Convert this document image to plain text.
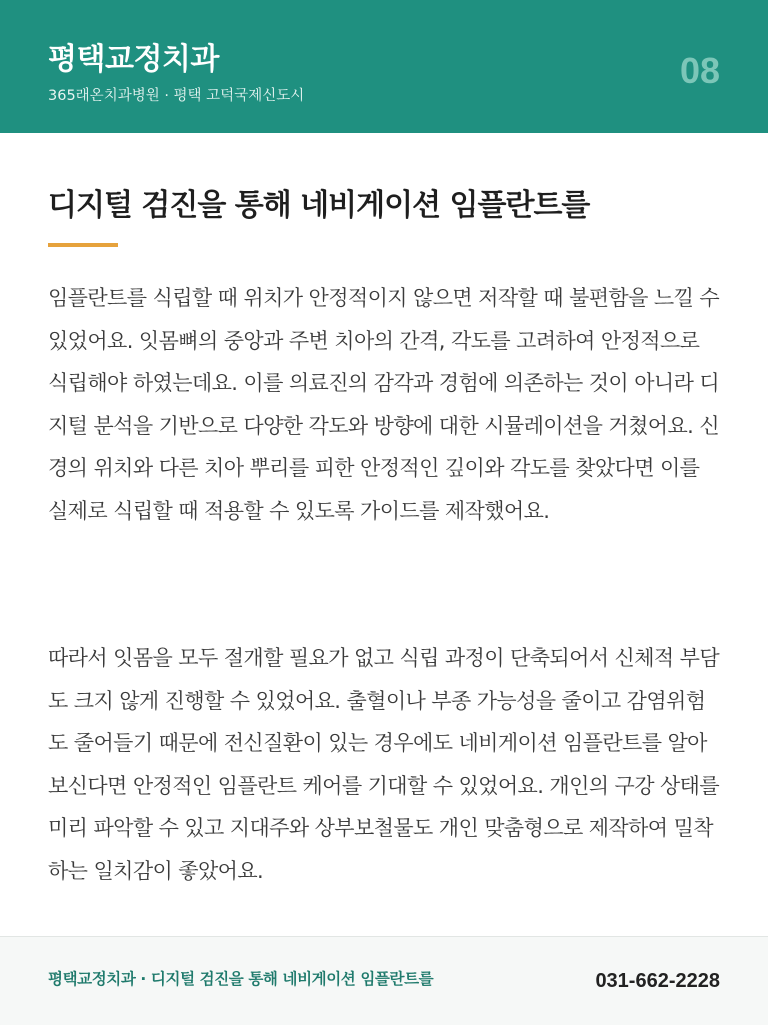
평택교정치과
365래온치과병원 · 평택 고덕국제신도시
08
디지털 검진을 통해 네비게이션 임플란트를

임플란트를 식립할 때 위치가 안정적이지 않으면 저작할 때 불편함을 느낄 수 있었어요. 잇몸뼈의 중앙과 주변 치아의 간격, 각도를 고려하여 안정적으로 식립해야 하였는데요. 이를 의료진의 감각과 경험에 의존하는 것이 아니라 디지털 분석을 기반으로 다양한 각도와 방향에 대한 시뮬레이션을 거쳤어요. 신경의 위치와 다른 치아 뿌리를 피한 안정적인 깊이와 각도를 찾았다면 이를 실제로 식립할 때 적용할 수 있도록 가이드를 제작했어요.

따라서 잇몸을 모두 절개할 필요가 없고 식립 과정이 단축되어서 신체적 부담도 크지 않게 진행할 수 있었어요. 출혈이나 부종 가능성을 줄이고 감염위험도 줄어들기 때문에 전신질환이 있는 경우에도 네비게이션 임플란트를 알아보신다면 안정적인 임플란트 케어를 기대할 수 있었어요. 개인의 구강 상태를 미리 파악할 수 있고 지대주와 상부보철물도 개인 맞춤형으로 제작하여 밀착하는 일치감이 좋았어요.

평택교정치과 · 디지털 검진을 통해 네비게이션 임플란트를	031-662-2228
